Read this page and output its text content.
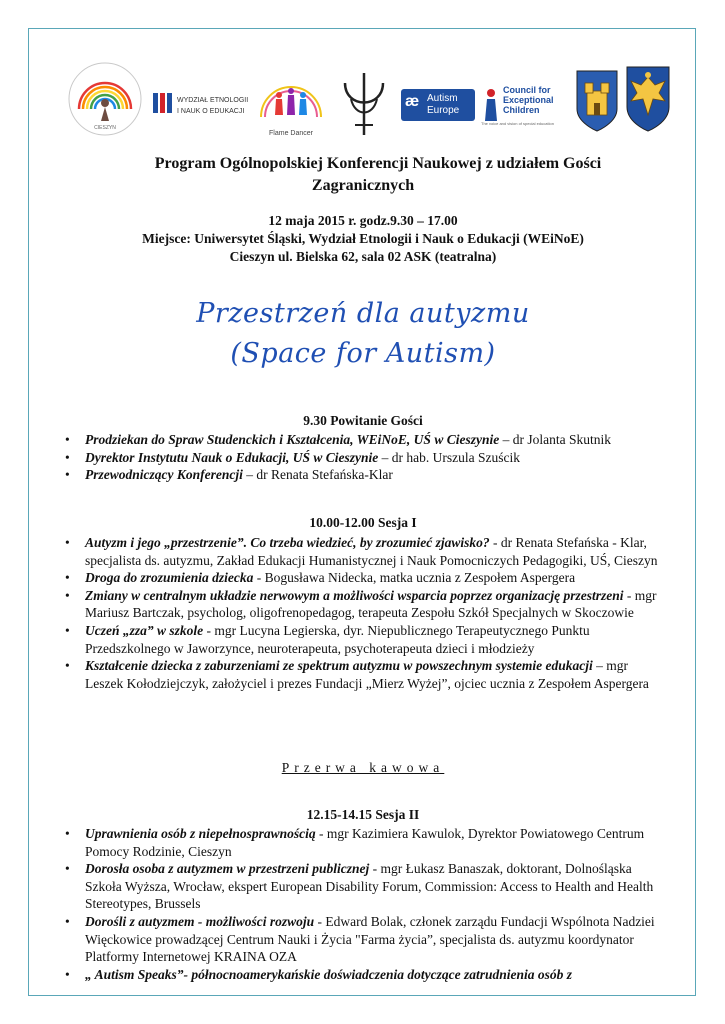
CIESZYN
WYDZIAŁ ETNOLOGII
I NAUK O EDUKACJI
Flame Dancer
æ Autism
Europe
Council for
Exceptional
Children
The voice and vision of special education
Program Ogólnopolskiej Konferencji Naukowej z udziałem Gości
Zagranicznych
12 maja 2015 r. godz.9.30 – 17.00
Miejsce: Uniwersytet Śląski, Wydział Etnologii i Nauk o Edukacji (WEiNoE)
Cieszyn ul. Bielska 62, sala 02 ASK (teatralna)
Przestrzeń dla autyzmu
(Space for Autism)
9.30 Powitanie Gości
• Prodziekan do Spraw Studenckich i Kształcenia, WEiNoE, UŚ w Cieszynie – dr Jolanta Skutnik
• Dyrektor Instytutu Nauk o Edukacji, UŚ w Cieszynie – dr hab. Urszula Szuścik
• Przewodniczący Konferencji – dr Renata Stefańska-Klar
10.00-12.00 Sesja I
• Autyzm i jego „przestrzenie”. Co trzeba wiedzieć, by zrozumieć zjawisko? - dr Renata Stefańska - Klar, specjalista ds. autyzmu, Zakład Edukacji Humanistycznej i Nauk Pomocniczych Pedagogiki, UŚ, Cieszyn
• Droga do zrozumienia dziecka - Bogusława Nidecka, matka ucznia z Zespołem Aspergera
• Zmiany w centralnym układzie nerwowym a możliwości wsparcia poprzez organizację przestrzeni - mgr Mariusz Bartczak, psycholog, oligofrenopedagog, terapeuta Zespołu Szkół Specjalnych w Skoczowie
• Uczeń „zza” w szkole - mgr Lucyna Legierska, dyr. Niepublicznego Terapeutycznego Punktu Przedszkolnego w Jaworzynce, neuroterapeuta, psychoterapeuta dzieci i młodzieży
• Kształcenie dziecka z zaburzeniami ze spektrum autyzmu w powszechnym systemie edukacji – mgr Leszek Kołodziejczyk, założyciel i prezes Fundacji „Mierz Wyżej”, ojciec ucznia z Zespołem Aspergera
Przerwa kawowa
12.15-14.15 Sesja II
• Uprawnienia osób z niepełnosprawnością - mgr Kazimiera Kawulok, Dyrektor Powiatowego Centrum Pomocy Rodzinie, Cieszyn
• Dorosła osoba z autyzmem w przestrzeni publicznej - mgr Łukasz Banaszak, doktorant, Dolnośląska Szkoła Wyższa, Wrocław, ekspert European Disability Forum, Commission: Access to Health and Health Stereotypes, Brussels
• Dorośli z autyzmem - możliwości rozwoju - Edward Bolak, członek zarządu Fundacji Wspólnota Nadziei Więckowice prowadzącej Centrum Nauki i Życia "Farma życia”, specjalista ds. autyzmu koordynator Platformy Internetowej KRAINA OZA
• „ Autism Speaks”- północnoamerykańskie doświadczenia dotyczące zatrudnienia osób z
